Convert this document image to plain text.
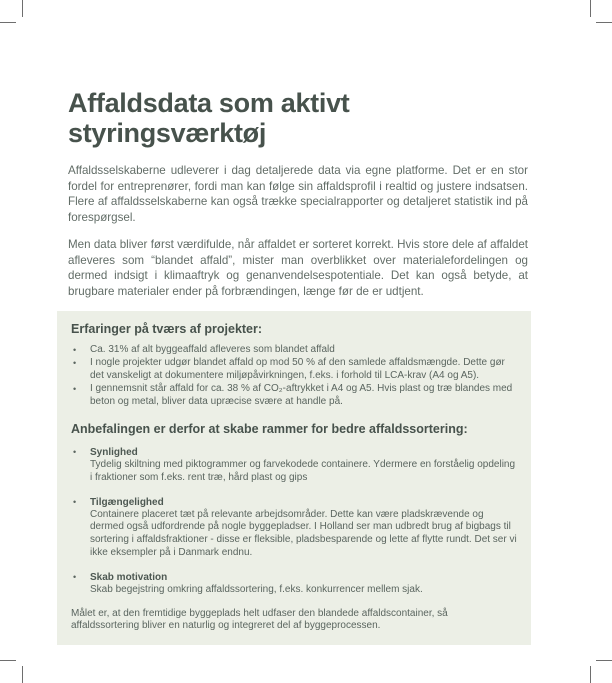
Affaldsdata som aktivt styringsværktøj

Affaldsselskaberne udleverer i dag detaljerede data via egne platforme. Det er en stor fordel for entreprenører, fordi man kan følge sin affaldsprofil i realtid og justere indsatsen. Flere af affaldsselskaberne kan også trække specialrapporter og detaljeret statistik ind på forespørgsel.

Men data bliver først værdifulde, når affaldet er sorteret korrekt. Hvis store dele af affaldet afleveres som “blandet affald”, mister man overblikket over materialefordelingen og dermed indsigt i klimaaftryk og genanvendelsespotentiale. Det kan også betyde, at brugbare materialer ender på forbrændingen, længe før de er udtjent.

Erfaringer på tværs af projekter:
•	Ca. 31% af alt byggeaffald afleveres som blandet affald
•	I nogle projekter udgør blandet affald op mod 50 % af den samlede affaldsmængde. Dette gør det vanskeligt at dokumentere miljøpåvirkningen, f.eks. i forhold til LCA-krav (A4 og A5).
•	I gennemsnit står affald for ca. 38 % af CO₂-aftrykket i A4 og A5. Hvis plast og træ blandes med beton og metal, bliver data upræcise svære at handle på.
Anbefalingen er derfor at skabe rammer for bedre affaldssortering:
•	Synlighed
Tydelig skiltning med piktogrammer og farvekodede containere. Ydermere en forståelig opdeling i fraktioner som f.eks. rent træ, hård plast og gips
•	Tilgængelighed
Containere placeret tæt på relevante arbejdsområder. Dette kan være pladskrævende og dermed også udfordrende på nogle byggepladser. I Holland ser man udbredt brug af bigbags til sortering i affaldsfraktioner - disse er fleksible, pladsbesparende og lette af flytte rundt. Det ser vi ikke eksempler på i Danmark endnu.
•	Skab motivation
Skab begejstring omkring affaldssortering, f.eks. konkurrencer mellem sjak.

Målet er, at den fremtidige byggeplads helt udfaser den blandede affaldscontainer, så affaldssortering bliver en naturlig og integreret del af byggeprocessen.
